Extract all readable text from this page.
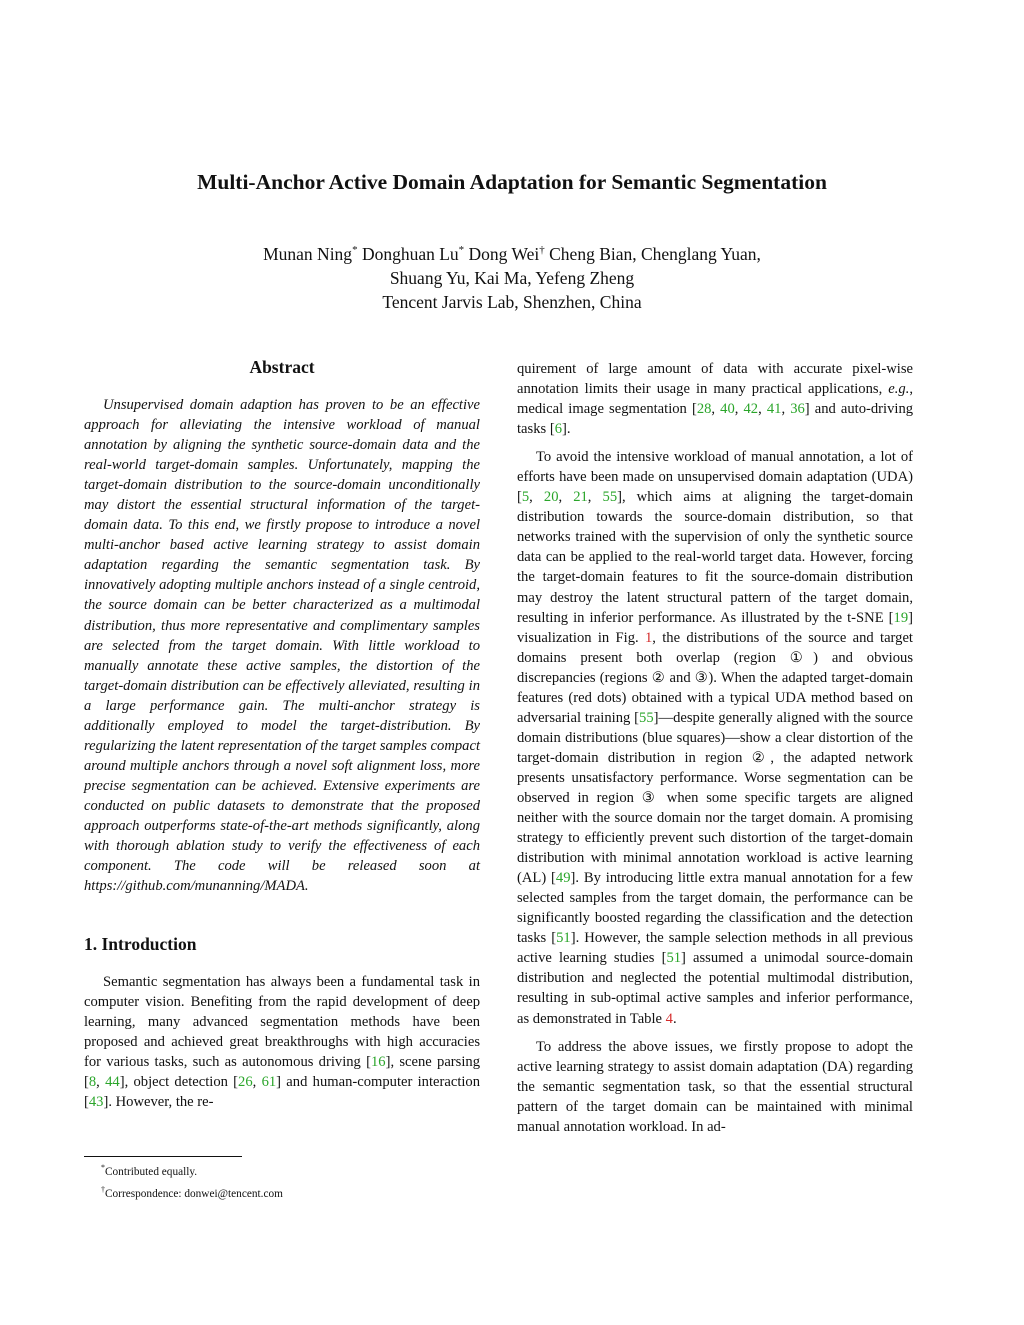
Multi-Anchor Active Domain Adaptation for Semantic Segmentation
Munan Ning* Donghuan Lu* Dong Wei† Cheng Bian, Chenglang Yuan,
Shuang Yu, Kai Ma, Yefeng Zheng
Tencent Jarvis Lab, Shenzhen, China
Abstract

Unsupervised domain adaption has proven to be an effective approach for alleviating the intensive workload of manual annotation by aligning the synthetic source-domain data and the real-world target-domain samples. Unfortunately, mapping the target-domain distribution to the source-domain unconditionally may distort the essential structural information of the target-domain data. To this end, we firstly propose to introduce a novel multi-anchor based active learning strategy to assist domain adaptation regarding the semantic segmentation task. By innovatively adopting multiple anchors instead of a single centroid, the source domain can be better characterized as a multimodal distribution, thus more representative and complimentary samples are selected from the target domain. With little workload to manually annotate these active samples, the distortion of the target-domain distribution can be effectively alleviated, resulting in a large performance gain. The multi-anchor strategy is additionally employed to model the target-distribution. By regularizing the latent representation of the target samples compact around multiple anchors through a novel soft alignment loss, more precise segmentation can be achieved. Extensive experiments are conducted on public datasets to demonstrate that the proposed approach outperforms state-of-the-art methods significantly, along with thorough ablation study to verify the effectiveness of each component. The code will be released soon at https://github.com/munanning/MADA.

1. Introduction

Semantic segmentation has always been a fundamental task in computer vision. Benefiting from the rapid development of deep learning, many advanced segmentation methods have been proposed and achieved great breakthroughs with high accuracies for various tasks, such as autonomous driving [16], scene parsing [8, 44], object detection [26, 61] and human-computer interaction [43]. However, the re-

quirement of large amount of data with accurate pixel-wise annotation limits their usage in many practical applications, e.g., medical image segmentation [28, 40, 42, 41, 36] and auto-driving tasks [6].

To avoid the intensive workload of manual annotation, a lot of efforts have been made on unsupervised domain adaptation (UDA) [5, 20, 21, 55], which aims at aligning the target-domain distribution towards the source-domain distribution, so that networks trained with the supervision of only the synthetic source data can be applied to the real-world target data. However, forcing the target-domain features to fit the source-domain distribution may destroy the latent structural pattern of the target domain, resulting in inferior performance. As illustrated by the t-SNE [19] visualization in Fig. 1, the distributions of the source and target domains present both overlap (region ①) and obvious discrepancies (regions ② and ③). When the adapted target-domain features (red dots) obtained with a typical UDA method based on adversarial training [55]—despite generally aligned with the source domain distributions (blue squares)—show a clear distortion of the target-domain distribution in region ②, the adapted network presents unsatisfactory performance. Worse segmentation can be observed in region ③ when some specific targets are aligned neither with the source domain nor the target domain. A promising strategy to efficiently prevent such distortion of the target-domain distribution with minimal annotation workload is active learning (AL) [49]. By introducing little extra manual annotation for a few selected samples from the target domain, the performance can be significantly boosted regarding the classification and the detection tasks [51]. However, the sample selection methods in all previous active learning studies [51] assumed a unimodal source-domain distribution and neglected the potential multimodal distribution, resulting in sub-optimal active samples and inferior performance, as demonstrated in Table 4.

To address the above issues, we firstly propose to adopt the active learning strategy to assist domain adaptation (DA) regarding the semantic segmentation task, so that the essential structural pattern of the target domain can be maintained with minimal manual annotation workload. In ad-

*Contributed equally.
†Correspondence: donwei@tencent.com
